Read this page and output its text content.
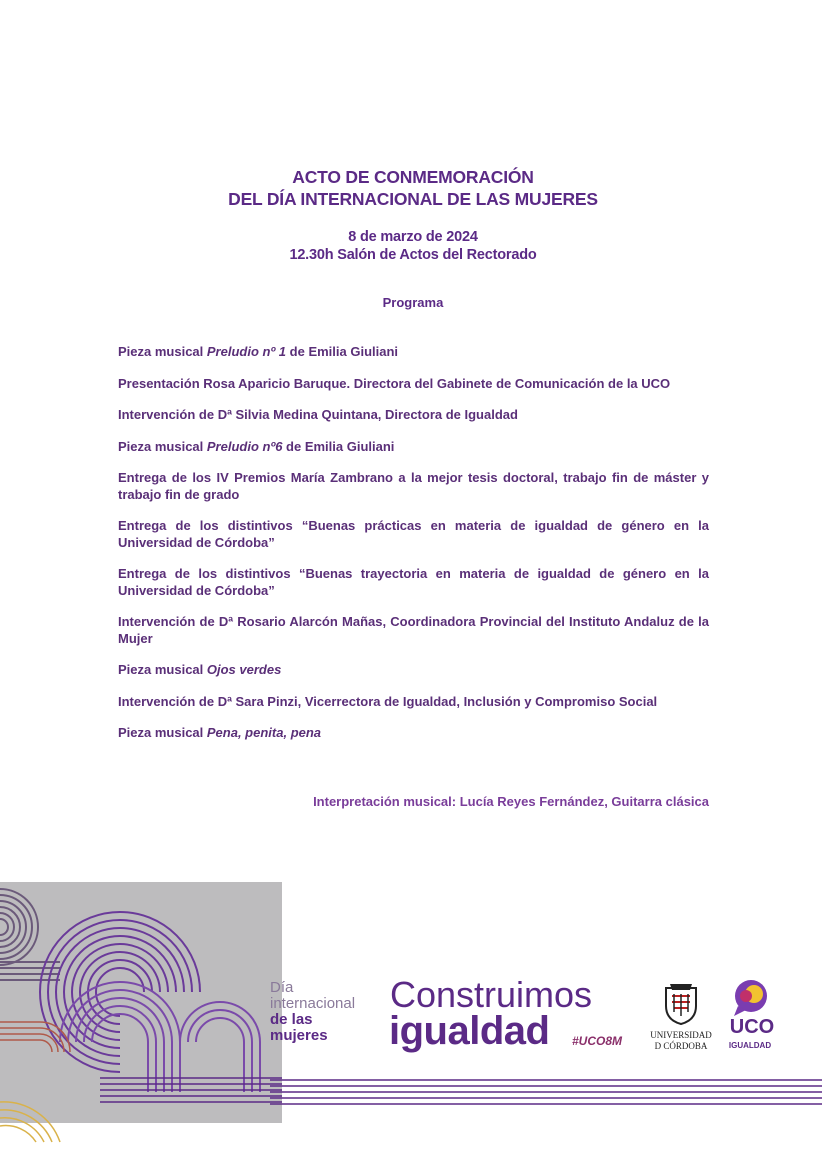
ACTO DE CONMEMORACIÓN
DEL DÍA INTERNACIONAL DE LAS MUJERES
8 de marzo de 2024
12.30h Salón de Actos del Rectorado
Programa

Pieza musical Preludio nº 1 de Emilia Giuliani

Presentación Rosa Aparicio Baruque. Directora del Gabinete de Comunicación de la UCO

Intervención de Dª Silvia Medina Quintana, Directora de Igualdad

Pieza musical Preludio nº6 de Emilia Giuliani

Entrega de los IV Premios María Zambrano a la mejor tesis doctoral, trabajo fin de máster y trabajo fin de grado

Entrega de los distintivos “Buenas prácticas en materia de igualdad de género en la Universidad de Córdoba”

Entrega de los distintivos “Buenas trayectoria en materia de igualdad de género en la Universidad de Córdoba”

Intervención de Dª Rosario Alarcón Mañas, Coordinadora Provincial del Instituto Andaluz de la Mujer

Pieza musical Ojos verdes

Intervención de Dª Sara Pinzi, Vicerrectora de Igualdad, Inclusión y Compromiso Social

Pieza musical Pena, penita, pena

Interpretación musical: Lucía Reyes Fernández, Guitarra clásica
Día
internacional
de las
mujeres
Construimos
igualdad #UCO8M	UNIVERSIDAD
D CÓRDOBA
UCO
IGUALDAD
